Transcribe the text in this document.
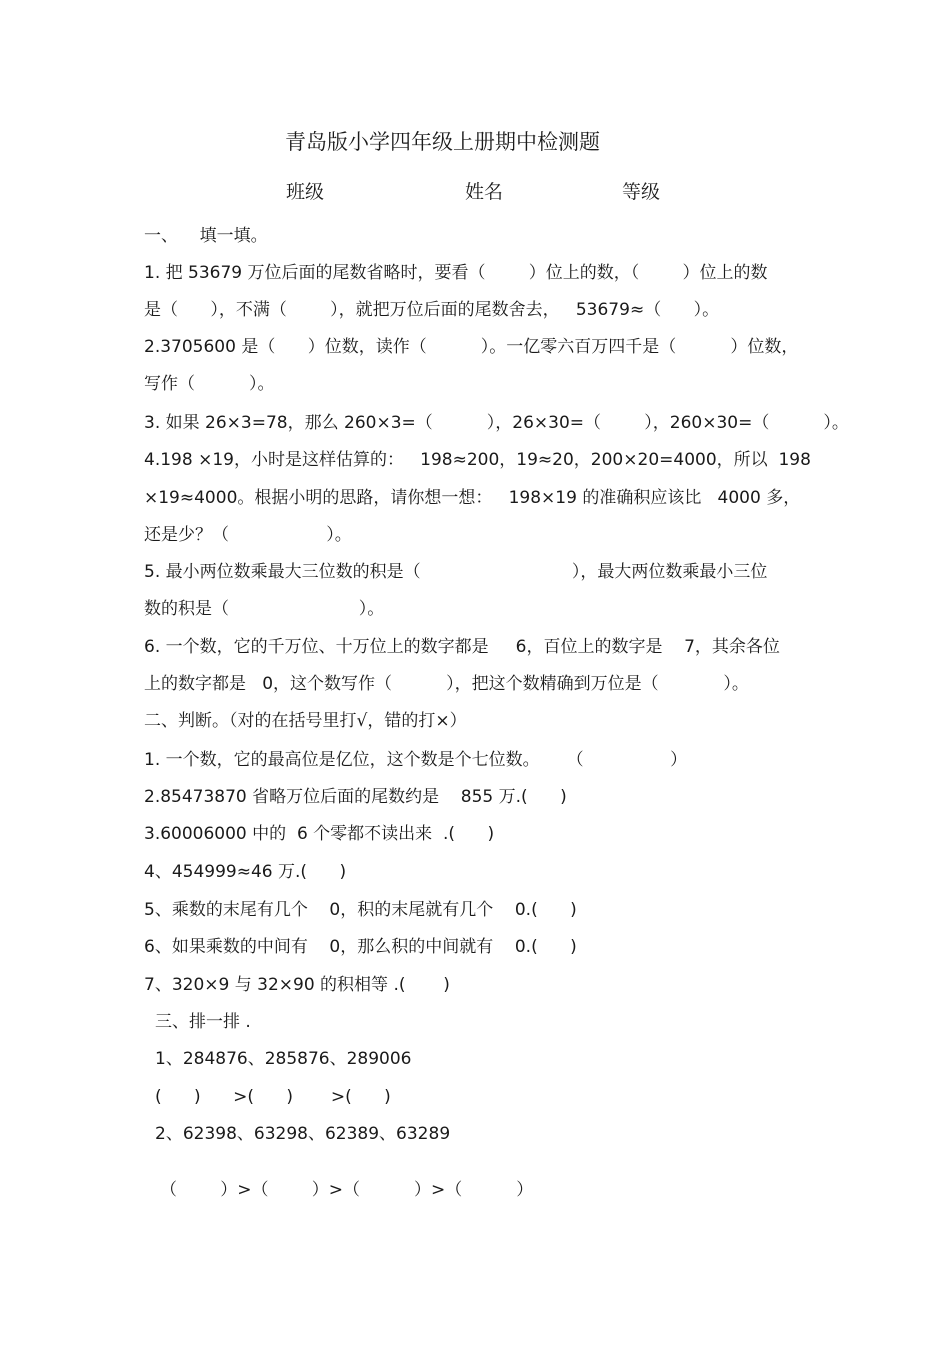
青岛版小学四年级上册期中检测题

班级	姓名	等级

一、    填一填。

1. 把 53679 万位后面的尾数省略时，要看（        ）位上的数，（        ）位上的数

是（      ），不满（        ），就把万位后面的尾数舍去，   53679≈（      ）。

2.3705600 是（      ）位数，读作（          ）。一亿零六百万四千是（          ）位数，

写作（          ）。

3. 如果 26×3=78，那么 260×3=（          ），26×30=（        ），260×30=（          ）。

4.198 ×19，小时是这样估算的：   198≈200，19≈20，200×20=4000，所以  198

×19≈4000。根据小明的思路，请你想一想：   198×19 的准确积应该比   4000 多，

还是少？（                  ）。

5. 最小两位数乘最大三位数的积是（                            ），最大两位数乘最小三位

数的积是（                        ）。

6. 一个数，它的千万位、十万位上的数字都是     6，百位上的数字是    7，其余各位

上的数字都是   0，这个数写作（          ），把这个数精确到万位是（            ）。

二、判断。（对的在括号里打√，错的打×）

1. 一个数，它的最高位是亿位，这个数是个七位数。     （                ）

2.85473870 省略万位后面的尾数约是    855 万.(      )

3.60006000 中的  6 个零都不读出来  .(      )

4、454999≈46 万.(      )

5、乘数的末尾有几个    0，积的末尾就有几个    0.(      )

6、如果乘数的中间有    0，那么积的中间就有    0.(      )

7、320×9 与 32×90 的积相等 .(       )

三、排一排 .

1、284876、285876、289006

(      )      >(      )       >(      )

2、62398、63298、62389、63289

（        ）>（        ）>（          ）>（          ）
